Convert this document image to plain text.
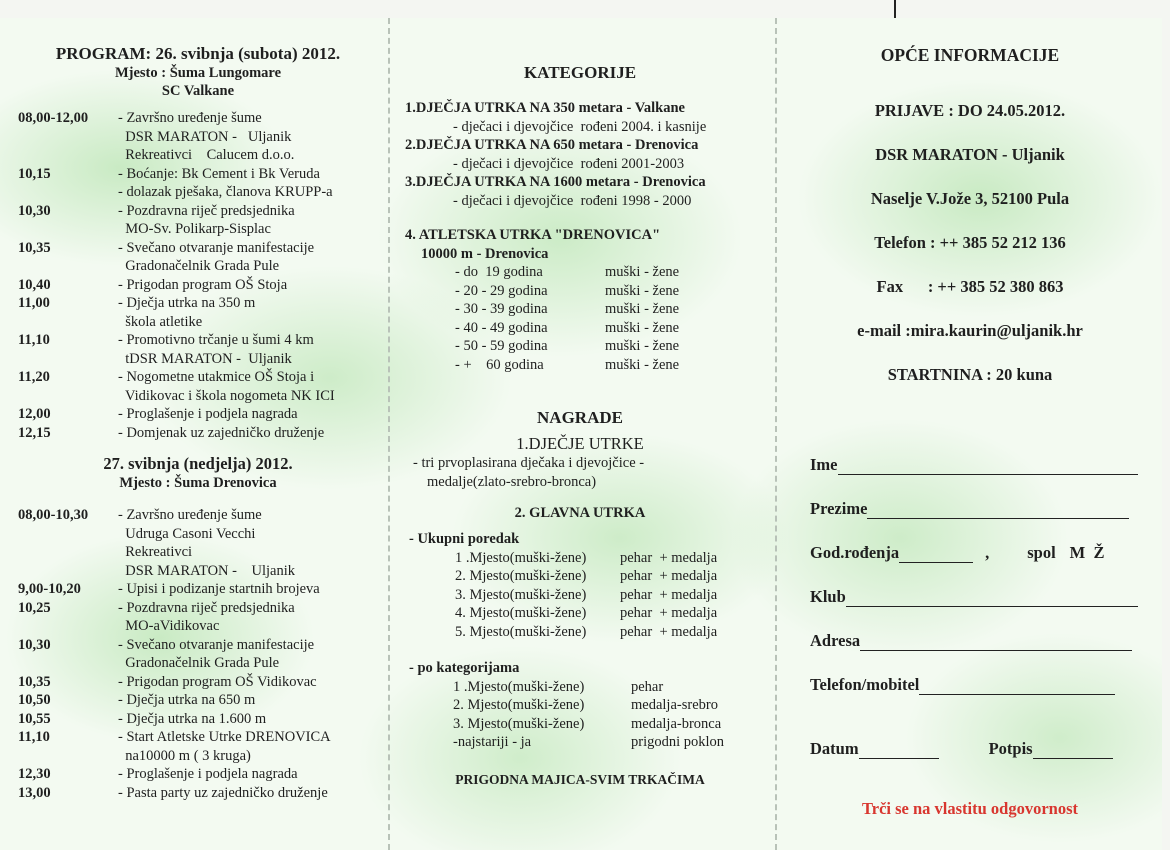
PROGRAM: 26. svibnja (subota) 2012.
Mjesto : Šuma Lungomare
SC Valkane
08,00-12,00	- Završno uređenje šume
DSR MARATON -   Uljanik
Rekreativci    Calucem d.o.o.
10,15	- Boćanje: Bk Cement i Bk Veruda
- dolazak pješaka, članova KRUPP-a
10,30	- Pozdravna riječ predsjednika
MO-Sv. Polikarp-Sisplac
10,35	- Svečano otvaranje manifestacije
Gradonačelnik Grada Pule
10,40	- Prigodan program OŠ Stoja
11,00	- Dječja utrka na 350 m
škola atletike
11,10	- Promotivno trčanje u šumi 4 km
tDSR MARATON -  Uljanik
11,20	- Nogometne utakmice OŠ Stoja i
Vidikovac i škola nogometa NK ICI
12,00	- Proglašenje i podjela nagrada
12,15	- Domjenak uz zajedničko druženje
27. svibnja (nedjelja) 2012.
Mjesto : Šuma Drenovica
08,00-10,30	- Završno uređenje šume
Udruga Casoni Vecchi
Rekreativci
DSR MARATON -    Uljanik
9,00-10,20	- Upisi i podizanje startnih brojeva
10,25	- Pozdravna riječ predsjednika
MO-aVidikovac
10,30	- Svečano otvaranje manifestacije
Gradonačelnik Grada Pule
10,35	- Prigodan program OŠ Vidikovac
10,50	- Dječja utrka na 650 m
10,55	- Dječja utrka na 1.600 m
11,10	- Start Atletske Utrke DRENOVICA
na10000 m ( 3 kruga)
12,30	- Proglašenje i podjela nagrada
13,00	- Pasta party uz zajedničko druženje
KATEGORIJE
1.DJEČJA UTRKA NA 350 metara - Valkane
- dječaci i djevojčice  rođeni 2004. i kasnije
2.DJEČJA UTRKA NA 650 metara - Drenovica
- dječaci i djevojčice  rođeni 2001-2003
3.DJEČJA UTRKA NA 1600 metara - Drenovica
- dječaci i djevojčice  rođeni 1998 - 2000
4. ATLETSKA UTRKA "DRENOVICA"
10000 m - Drenovica
- do  19 godina	muški - žene
- 20 - 29 godina	muški - žene
- 30 - 39 godina	muški - žene
- 40 - 49 godina	muški - žene
- 50 - 59 godina	muški - žene
- +    60 godina	muški - žene
NAGRADE
1.DJEČJE UTRKE
- tri prvoplasirana dječaka i djevojčice -
medalje(zlato-srebro-bronca)
2. GLAVNA UTRKA
- Ukupni poredak
1 .Mjesto(muški-žene)	pehar  + medalja
2. Mjesto(muški-žene)	pehar  + medalja
3. Mjesto(muški-žene)	pehar  + medalja
4. Mjesto(muški-žene)	pehar  + medalja
5. Mjesto(muški-žene)	pehar  + medalja
- po kategorijama
1 .Mjesto(muški-žene)	pehar
2. Mjesto(muški-žene)	medalja-srebro
3. Mjesto(muški-žene)	medalja-bronca
-najstariji - ja	prigodni poklon
PRIGODNA MAJICA-SVIM TRKAČIMA
OPĆE INFORMACIJE
PRIJAVE : DO 24.05.2012.
DSR MARATON - Uljanik
Naselje V.Jože 3, 52100 Pula
Telefon : ++ 385 52 212 136
Fax      : ++ 385 52 380 863
e-mail :mira.kaurin@uljanik.hr
STARTNINA : 20 kuna
Ime
Prezime
God.rođenja	, spol M  Ž
Klub
Adresa
Telefon/mobitel
Datum	Potpis
Trči se na vlastitu odgovornost
